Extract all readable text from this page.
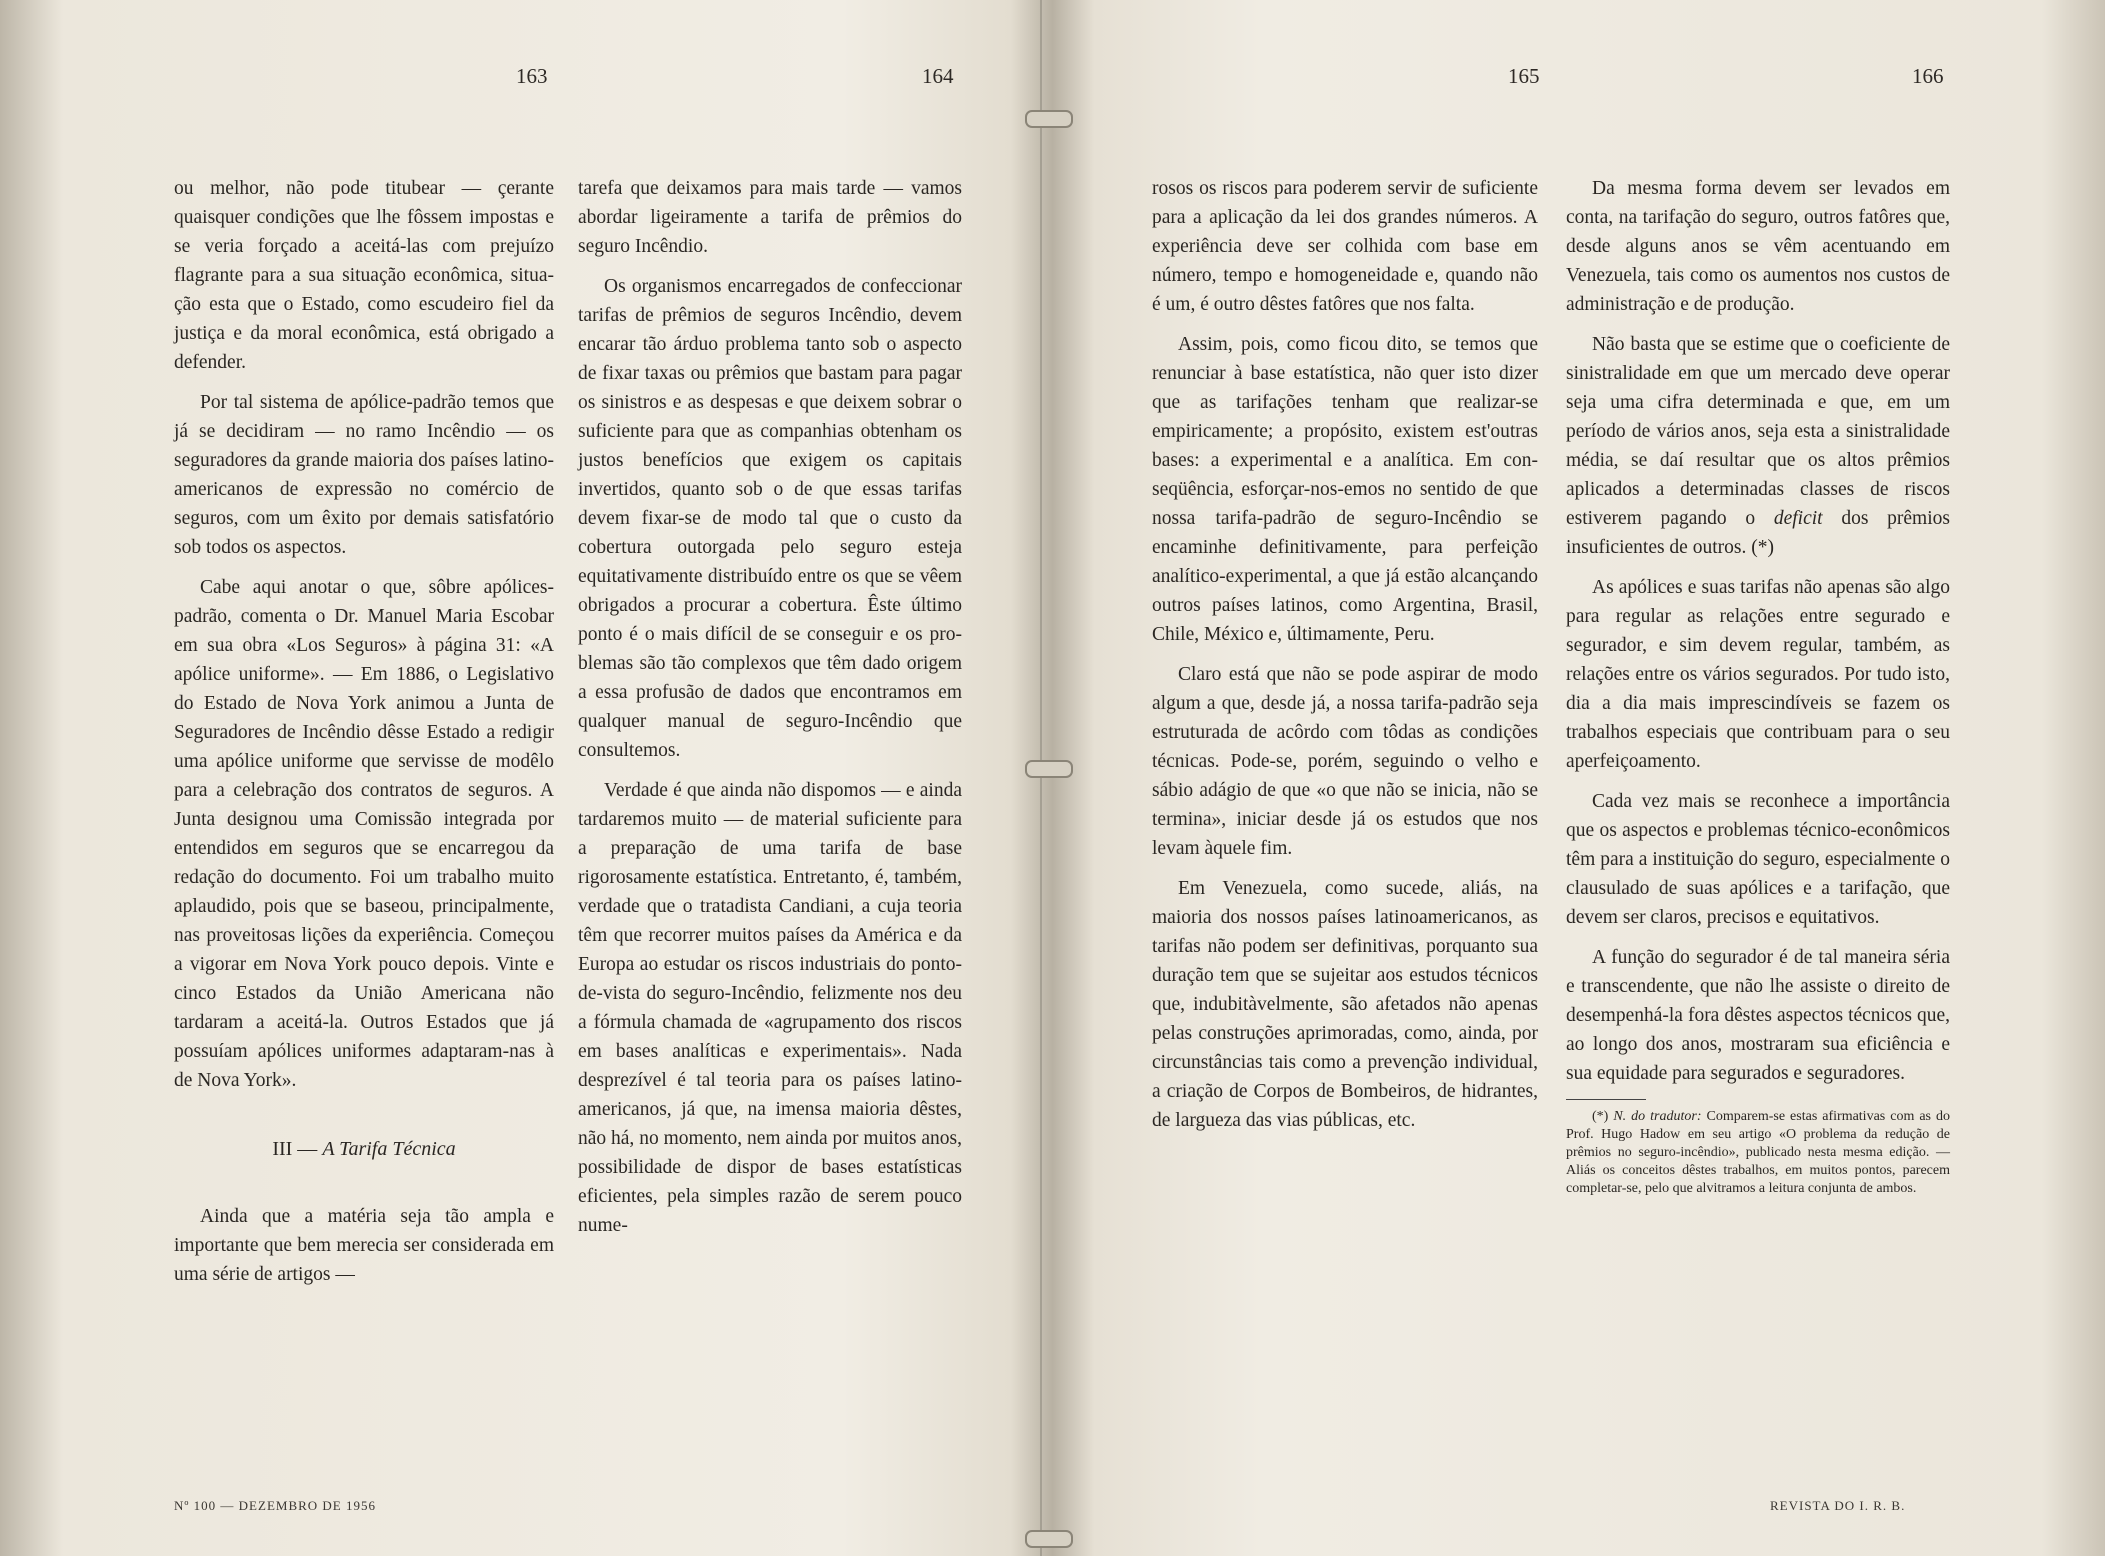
163	164	165	166

ou melhor, não pode titubear — çerante quaisquer condições que lhe fôssem impostas e se veria forçado a aceitá-las com prejuízo flagrante para a sua situação econômica, situação esta que o Estado, como escudeiro fiel da justiça e da moral econômica, está obrigado a defender.

Por tal sistema de apólice-padrão temos que já se decidiram — no ramo Incêndio — os seguradores da grande maioria dos países latino-americanos de expressão no comércio de seguros, com um êxito por demais satisfatório sob todos os aspectos.

Cabe aqui anotar o que, sôbre apólices-padrão, comenta o Dr. Manuel Maria Escobar em sua obra «Los Seguros» à página 31: «A apólice uniforme». — Em 1886, o Legislativo do Estado de Nova York animou a Junta de Seguradores de Incêndio dêsse Estado a redigir uma apólice uniforme que servisse de modêlo para a celebração dos contratos de seguros. A Junta designou uma Comissão integrada por entendidos em seguros que se encarregou da redação do documento. Foi um trabalho muito aplaudido, pois que se baseou, principalmente, nas proveitosas lições da experiência. Começou a vigorar em Nova York pouco depois. Vinte e cinco Estados da União Americana não tardaram a aceitá-la. Outros Estados que já possuíam apólices uniformes adaptaram-nas à de Nova York».

III — A Tarifa Técnica

Ainda que a matéria seja tão ampla e importante que bem merecia ser considerada em uma série de artigos —

tarefa que deixamos para mais tarde — vamos abordar ligeiramente a tarifa de prêmios do seguro Incêndio.

Os organismos encarregados de confeccionar tarifas de prêmios de seguros Incêndio, devem encarar tão árduo problema tanto sob o aspecto de fixar taxas ou prêmios que bastam para pagar os sinistros e as despesas e que deixem sobrar o suficiente para que as companhias obtenham os justos benefícios que exigem os capitais invertidos, quanto sob o de que essas tarifas devem fixar-se de modo tal que o custo da cobertura outorgada pelo seguro esteja equitativamente distribuído entre os que se vêem obrigados a procurar a cobertura. Êste último ponto é o mais difícil de se conseguir e os problemas são tão complexos que têm dado origem a essa profusão de dados que encontramos em qualquer manual de seguro-Incêndio que consultemos.

Verdade é que ainda não dispomos — e ainda tardaremos muito — de material suficiente para a preparação de uma tarifa de base rigorosamente estatística. Entretanto, é, também, verdade que o tratadista Candiani, a cuja teoria têm que recorrer muitos países da América e da Europa ao estudar os riscos industriais do ponto-de-vista do seguro-Incêndio, felizmente nos deu a fórmula chamada de «agrupamento dos riscos em bases analíticas e experimentais». Nada desprezível é tal teoria para os países latino-americanos, já que, na imensa maioria dêstes, não há, no momento, nem ainda por muitos anos, possibilidade de dispor de bases estatísticas eficientes, pela simples razão de serem pouco nume-

rosos os riscos para poderem servir de suficiente para a aplicação da lei dos grandes números. A experiência deve ser colhida com base em número, tempo e homogeneidade e, quando não é um, é outro dêstes fatôres que nos falta.

Assim, pois, como ficou dito, se temos que renunciar à base estatística, não quer isto dizer que as tarifações tenham que realizar-se empiricamente; a propósito, existem est'outras bases: a experimental e a analítica. Em conseqüência, esforçar-nos-emos no sentido de que nossa tarifa-padrão de seguro-Incêndio se encaminhe definitivamente, para perfeição analítico-experimental, a que já estão alcançando outros países latinos, como Argentina, Brasil, Chile, México e, últimamente, Peru.

Claro está que não se pode aspirar de modo algum a que, desde já, a nossa tarifa-padrão seja estruturada de acôrdo com tôdas as condições técnicas. Pode-se, porém, seguindo o velho e sábio adágio de que «o que não se inicia, não se termina», iniciar desde já os estudos que nos levam àquele fim.

Em Venezuela, como sucede, aliás, na maioria dos nossos países latinoamericanos, as tarifas não podem ser definitivas, porquanto sua duração tem que se sujeitar aos estudos técnicos que, indubitàvelmente, são afetados não apenas pelas construções aprimoradas, como, ainda, por circunstâncias tais como a prevenção individual, a criação de Corpos de Bombeiros, de hidrantes, de largueza das vias públicas, etc.

Da mesma forma devem ser levados em conta, na tarifação do seguro, outros fatôres que, desde alguns anos se vêm acentuando em Venezuela, tais como os aumentos nos custos de administração e de produção.

Não basta que se estime que o coeficiente de sinistralidade em que um mercado deve operar seja uma cifra determinada e que, em um período de vários anos, seja esta a sinistralidade média, se daí resultar que os altos prêmios aplicados a determinadas classes de riscos estiverem pagando o deficit dos prêmios insuficientes de outros. (*)

As apólices e suas tarifas não apenas são algo para regular as relações entre segurado e segurador, e sim devem regular, também, as relações entre os vários segurados. Por tudo isto, dia a dia mais imprescindíveis se fazem os trabalhos especiais que contribuam para o seu aperfeiçoamento.

Cada vez mais se reconhece a importância que os aspectos e problemas técnico-econômicos têm para a instituição do seguro, especialmente o clausulado de suas apólices e a tarifação, que devem ser claros, precisos e equitativos.

A função do segurador é de tal maneira séria e transcendente, que não lhe assiste o direito de desempenhá-la fora dêstes aspectos técnicos que, ao longo dos anos, mostraram sua eficiência e sua equidade para segurados e seguradores.

(*) N. do tradutor: Comparem-se estas afirmativas com as do Prof. Hugo Hadow em seu artigo «O problema da redução de prêmios no seguro-incêndio», publicado nesta mesma edição. — Aliás os conceitos dêstes trabalhos, em muitos pontos, parecem completar-se, pelo que alvitramos a leitura conjunta de ambos.

Nº 100 — DEZEMBRO DE 1956	REVISTA DO I. R. B.
